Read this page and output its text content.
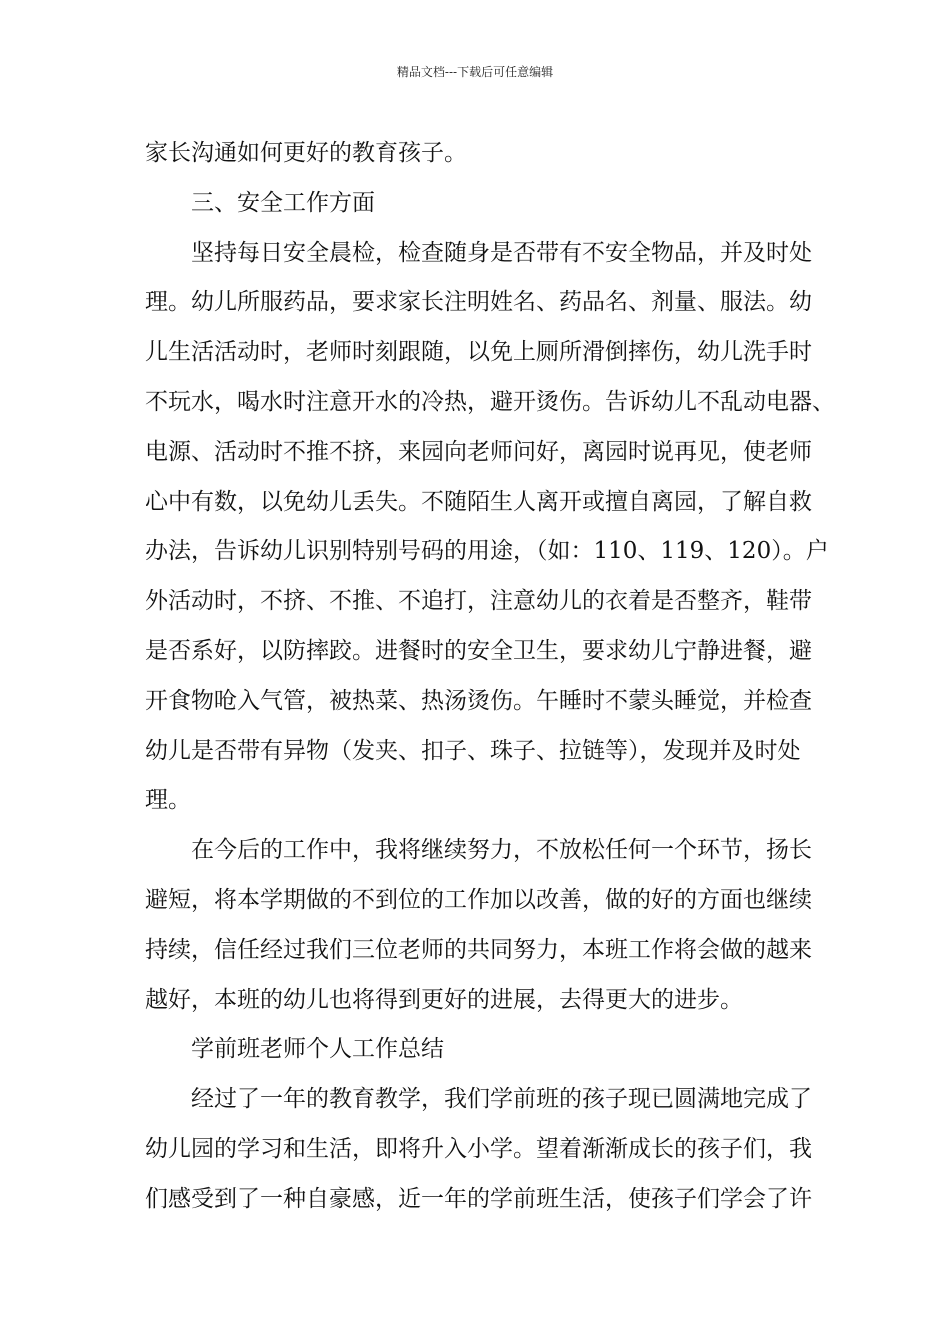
精品文档---下载后可任意编辑
家长沟通如何更好的教育孩子。
三、安全工作方面
坚持每日安全晨检，检查随身是否带有不安全物品，并及时处
理。幼儿所服药品，要求家长注明姓名、药品名、剂量、服法。幼
儿生活活动时，老师时刻跟随，以免上厕所滑倒摔伤，幼儿洗手时
不玩水，喝水时注意开水的冷热，避开烫伤。告诉幼儿不乱动电器、
电源、活动时不推不挤，来园向老师问好，离园时说再见，使老师
心中有数，以免幼儿丢失。不随陌生人离开或擅自离园，了解自救
办法，告诉幼儿识别特别号码的用途，（如：110、119、120）。户
外活动时，不挤、不推、不追打，注意幼儿的衣着是否整齐，鞋带
是否系好，以防摔跤。进餐时的安全卫生，要求幼儿宁静进餐，避
开食物呛入气管，被热菜、热汤烫伤。午睡时不蒙头睡觉，并检查
幼儿是否带有异物（发夹、扣子、珠子、拉链等），发现并及时处
理。
在今后的工作中，我将继续努力，不放松任何一个环节，扬长
避短，将本学期做的不到位的工作加以改善，做的好的方面也继续
持续，信任经过我们三位老师的共同努力，本班工作将会做的越来
越好，本班的幼儿也将得到更好的进展，去得更大的进步。
学前班老师个人工作总结
经过了一年的教育教学，我们学前班的孩子现已圆满地完成了
幼儿园的学习和生活，即将升入小学。望着渐渐成长的孩子们，我
们感受到了一种自豪感，近一年的学前班生活，使孩子们学会了许
